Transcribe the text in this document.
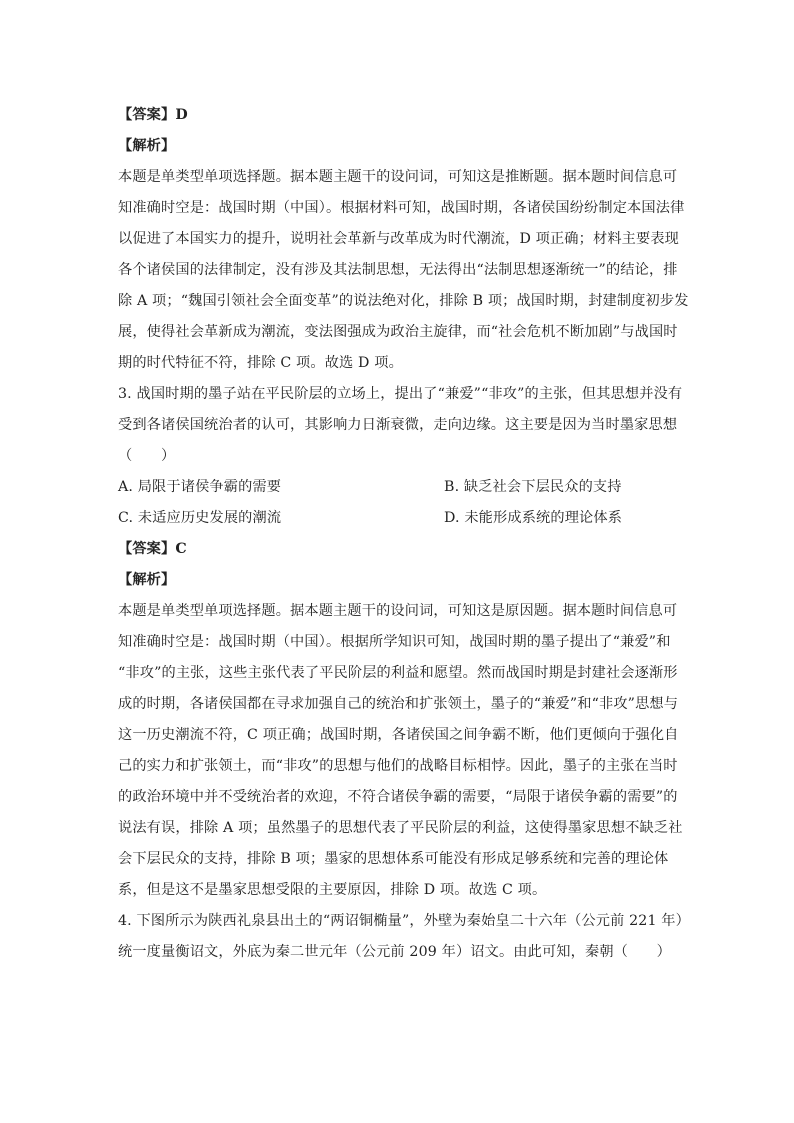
【答案】D
【解析】
本题是单类型单项选择题。据本题主题干的设问词，可知这是推断题。据本题时间信息可
知准确时空是：战国时期（中国）。根据材料可知，战国时期，各诸侯国纷纷制定本国法律
以促进了本国实力的提升，说明社会革新与改革成为时代潮流，D 项正确；材料主要表现
各个诸侯国的法律制定，没有涉及其法制思想，无法得出“法制思想逐渐统一”的结论，排
除 A 项；“魏国引领社会全面变革”的说法绝对化，排除 B 项；战国时期，封建制度初步发
展，使得社会革新成为潮流，变法图强成为政治主旋律，而“社会危机不断加剧”与战国时
期的时代特征不符，排除 C 项。故选 D 项。
3. 战国时期的墨子站在平民阶层的立场上，提出了“兼爱”“非攻”的主张，但其思想并没有
受到各诸侯国统治者的认可，其影响力日渐衰微，走向边缘。这主要是因为当时墨家思想
（　　）
A. 局限于诸侯争霸的需要	B. 缺乏社会下层民众的支持
C. 未适应历史发展的潮流	D. 未能形成系统的理论体系
【答案】C
【解析】
本题是单类型单项选择题。据本题主题干的设问词，可知这是原因题。据本题时间信息可
知准确时空是：战国时期（中国）。根据所学知识可知，战国时期的墨子提出了“兼爱”和
“非攻”的主张，这些主张代表了平民阶层的利益和愿望。然而战国时期是封建社会逐渐形
成的时期，各诸侯国都在寻求加强自己的统治和扩张领土，墨子的“兼爱”和“非攻”思想与
这一历史潮流不符，C 项正确；战国时期，各诸侯国之间争霸不断，他们更倾向于强化自
己的实力和扩张领土，而“非攻”的思想与他们的战略目标相悖。因此，墨子的主张在当时
的政治环境中并不受统治者的欢迎，不符合诸侯争霸的需要，“局限于诸侯争霸的需要”的
说法有误，排除 A 项；虽然墨子的思想代表了平民阶层的利益，这使得墨家思想不缺乏社
会下层民众的支持，排除 B 项；墨家的思想体系可能没有形成足够系统和完善的理论体
系，但是这不是墨家思想受限的主要原因，排除 D 项。故选 C 项。
4. 下图所示为陕西礼泉县出土的“两诏铜椭量”，外壁为秦始皇二十六年（公元前 221 年）
统一度量衡诏文，外底为秦二世元年（公元前 209 年）诏文。由此可知，秦朝（　　）
